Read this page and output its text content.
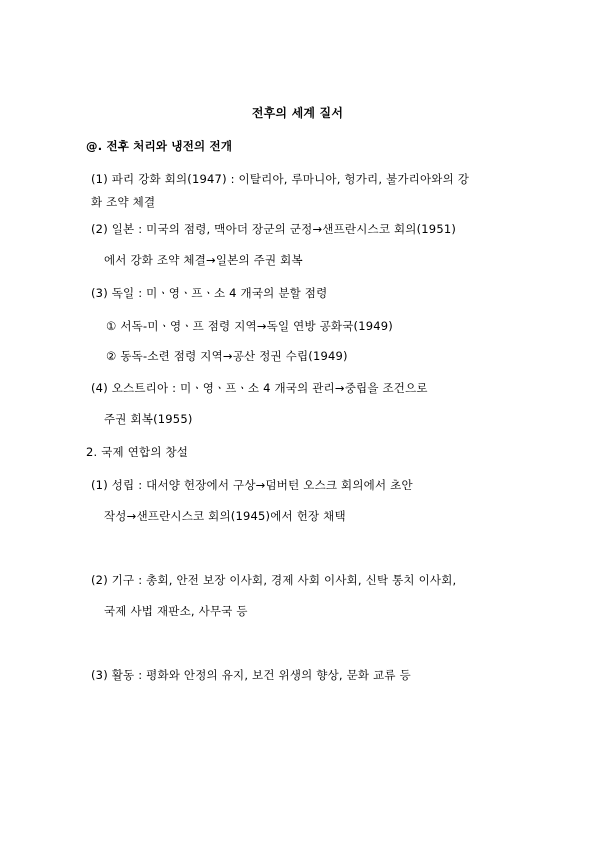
전후의 세계 질서
@. 전후 처리와 냉전의 전개
(1) 파리 강화 회의(1947) : 이탈리아, 루마니아, 헝가리, 불가리아와의 강
화 조약 체결
(2) 일본 : 미국의 점령, 맥아더 장군의 군정→샌프란시스코 회의(1951)
에서 강화 조약 체결→일본의 주권 회복
(3) 독일 : 미ㆍ영ㆍ프ㆍ소 4 개국의 분할 점령
① 서독-미ㆍ영ㆍ프 점령 지역→독일 연방 공화국(1949)
② 동독-소련 점령 지역→공산 정권 수립(1949)
(4) 오스트리아 : 미ㆍ영ㆍ프ㆍ소 4 개국의 관리→중립을 조건으로
주권 회복(1955)
2. 국제 연합의 창설
(1) 성립 : 대서양 헌장에서 구상→덤버턴 오스크 회의에서 초안
작성→샌프란시스코 회의(1945)에서 헌장 채택
(2) 기구 : 총회, 안전 보장 이사회, 경제 사회 이사회, 신탁 통치 이사회,
국제 사법 재판소, 사무국 등
(3) 활동 : 평화와 안정의 유지, 보건 위생의 향상, 문화 교류 등
